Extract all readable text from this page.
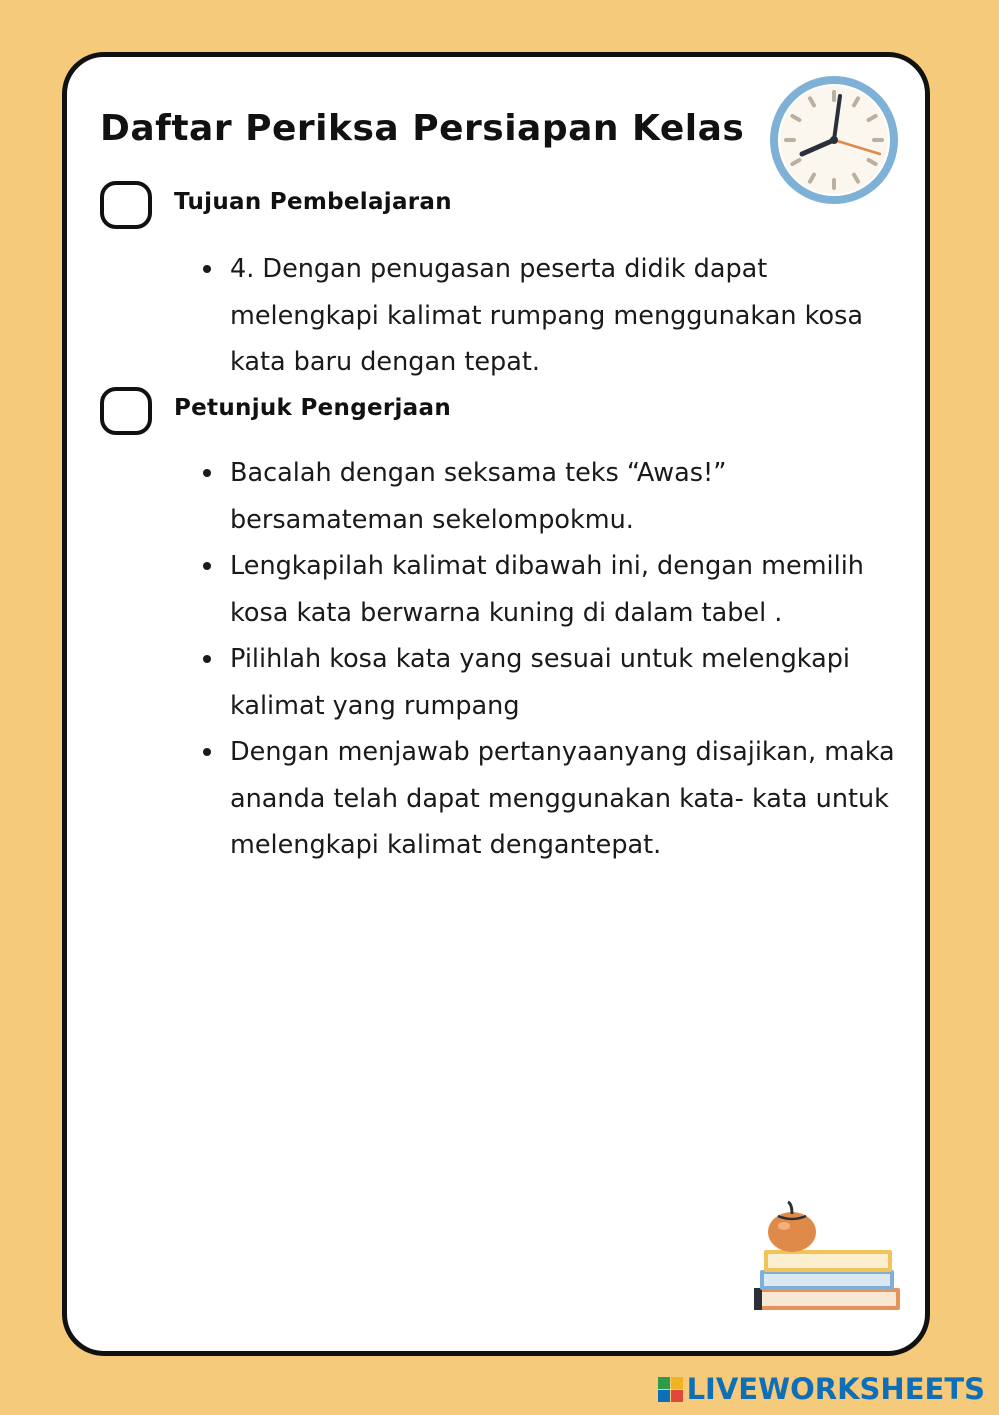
Daftar Periksa Persiapan Kelas
Tujuan Pembelajaran
4. Dengan penugasan peserta didik dapat melengkapi kalimat rumpang menggunakan kosa kata baru dengan tepat.
Petunjuk Pengerjaan
Bacalah dengan seksama teks “Awas!” bersamateman sekelompokmu.
Lengkapilah kalimat dibawah ini, dengan memilih kosa kata berwarna kuning di dalam tabel .
Pilihlah kosa kata yang sesuai untuk melengkapi kalimat yang rumpang
Dengan menjawab pertanyaanyang disajikan, maka ananda telah dapat menggunakan kata- kata untuk melengkapi kalimat dengantepat.
LIVEWORKSHEETS
